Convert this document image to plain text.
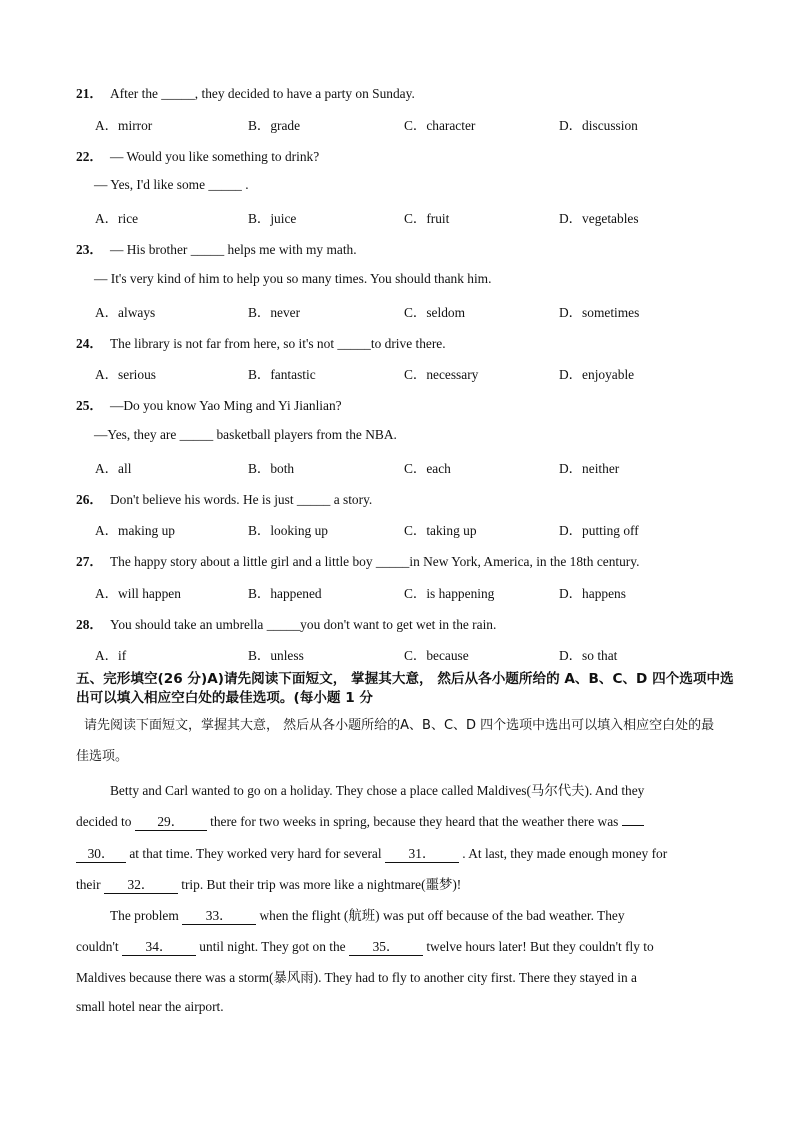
21． After the _____, they decided to have a party on Sunday.
A．mirror	B．grade	C．character	D．discussion
22． — Would you like something to drink?
— Yes, I'd like some _____ .
A．rice	B．juice	C．fruit	D．vegetables
23． — His brother _____ helps me with my math.
— It's very kind of him to help you so many times. You should thank him.
A．always	B．never	C．seldom	D．sometimes
24． The library is not far from here, so it's not _____to drive there.
A．serious	B．fantastic	C．necessary	D．enjoyable
25． —Do you know Yao Ming and Yi Jianlian?
—Yes, they are _____ basketball players from the NBA.
A．all	B．both	C．each	D．neither
26． Don't believe his words. He is just _____ a story.
A．making up	B．looking up	C．taking up	D．putting off
27． The happy story about a little girl and a little boy _____in New York, America, in the 18th century.
A．will happen	B．happened	C．is happening	D．happens
28． You should take an umbrella _____you don't want to get wet in the rain.
A．if	B．unless	C．because	D．so that
五、完形填空(26 分)A)请先阅读下面短文， 掌握其大意， 然后从各小题所给的 A、B、C、D 四个选项中选出可以填入相应空白处的最佳选项。(每小题 1 分
请先阅读下面短文，掌握其大意， 然后从各小题所给的A、B、C、D 四个选项中选出可以填入相应空白处的最佳选项。
Betty and Carl wanted to go on a holiday. They chose a place called Maldives(马尔代夫). And they
decided to 29． there for two weeks in spring, because they heard that the weather there was
30． at that time. They worked very hard for several 31． . At last, they made enough money for
their 32． trip. But their trip was more like a nightmare(噩梦)!
The problem 33． when the flight (航班) was put off because of the bad weather. They
couldn't 34． until night. They got on the 35． twelve hours later! But they couldn't fly to
Maldives because there was a storm(暴风雨). They had to fly to another city first. There they stayed in a
small hotel near the airport.
